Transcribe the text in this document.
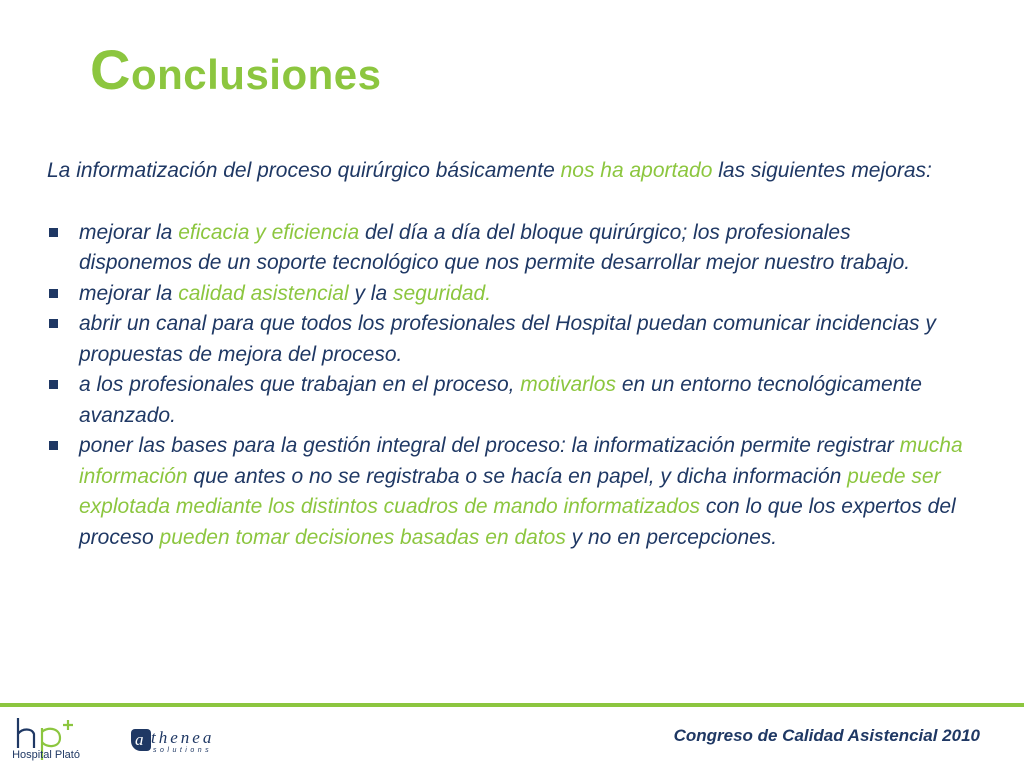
Conclusiones

La informatización del proceso quirúrgico básicamente nos ha aportado las siguientes mejoras:

mejorar la eficacia y eficiencia del día a día del bloque quirúrgico; los profesionales disponemos de un soporte tecnológico que nos permite desarrollar mejor nuestro trabajo.
mejorar la calidad asistencial y la seguridad.
abrir un canal para que todos los profesionales del Hospital puedan comunicar incidencias y propuestas de mejora del proceso.
a los profesionales que trabajan en el proceso, motivarlos en un entorno tecnológicamente avanzado.
poner las bases para la gestión integral del proceso: la informatización permite registrar mucha información que antes o no se registraba o se hacía en papel, y dicha información puede ser explotada mediante los distintos cuadros de mando informatizados con lo que los expertos del proceso pueden tomar decisiones basadas en datos y no en percepciones.
Hospital Plató
a thenea
solutions
Congreso de Calidad Asistencial 2010
